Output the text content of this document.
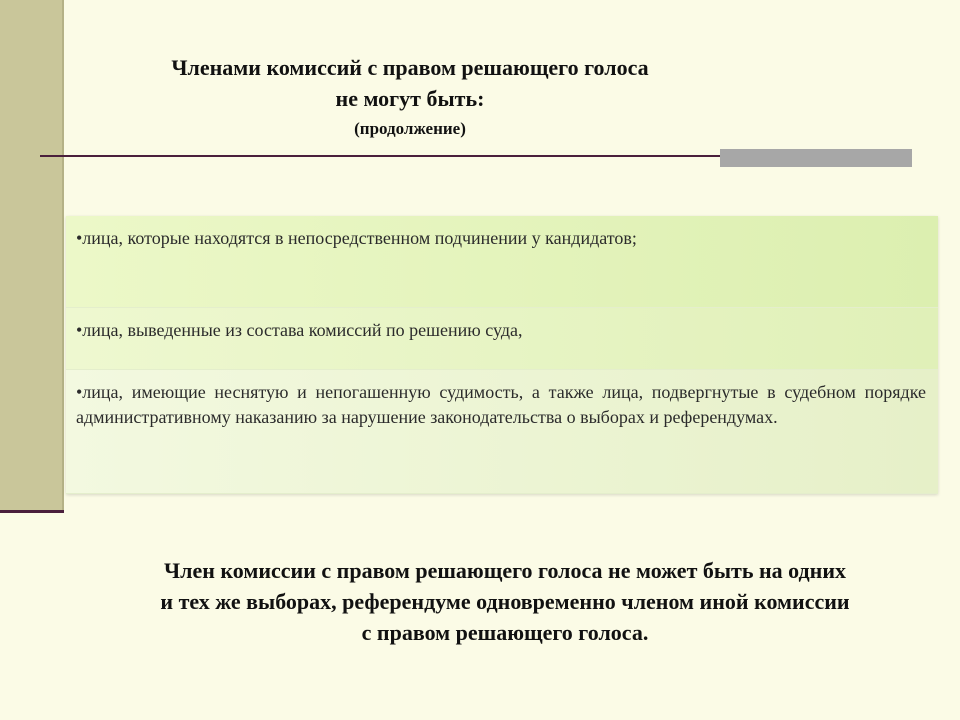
Членами комиссий с правом решающего голоса
не могут быть:
(продолжение)
•лица, которые находятся в непосредственном подчинении у кандидатов;
•лица, выведенные из состава комиссий по решению суда,
•лица, имеющие неснятую и непогашенную судимость, а также лица, подвергнутые в судебном порядке административному наказанию за нарушение законодательства о выборах и референдумах.
Член комиссии с правом решающего голоса не может быть на одних
и тех же выборах, референдуме одновременно членом иной комиссии
с правом решающего голоса.
